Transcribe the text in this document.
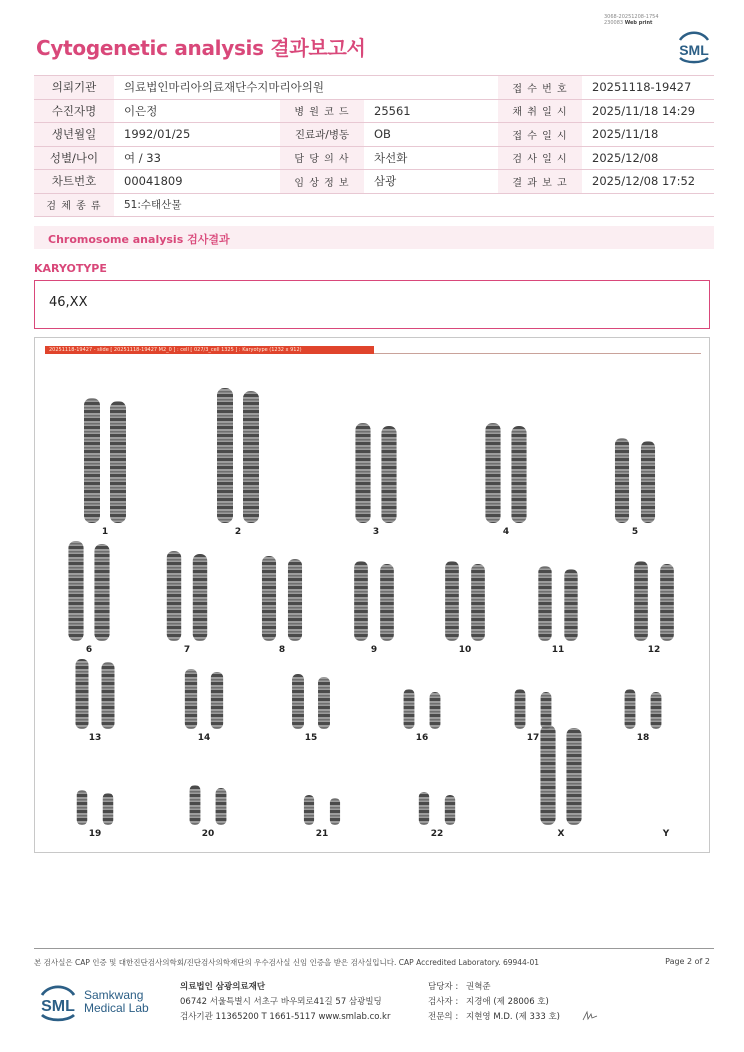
3068-20251208-1754
230083 Web print
Cytogenetic analysis 결과보고서	SML
의뢰기관	의료법인마리아의료재단수지마리아의원			접 수 번 호	20251118-19427
수진자명	이은정	병 원 코 드	25561	채 취 일 시	2025/11/18 14:29
생년월일	1992/01/25	진료과/병동	OB	접 수 일 시	2025/11/18
성별/나이	여 / 33	담 당 의 사	차선화	검 사 일 시	2025/12/08
차트번호	00041809	임 상 정 보	삼광	결 과 보 고	2025/12/08 17:52
검 체 종 류	51:수태산물				
Chromosome analysis 검사결과
KARYOTYPE
46,XX
20251118-19427 - slide [ 20251118-19427 M2_0 ] : cell [ 027/3_cell 1325 ] : Karyotype (1232 x 912)
1	2	3	4	5
6	7	8	9	10	11	12
13	14	15	16	17	18
19	20	21	22	X	Y
본 검사실은 CAP 인증 및 대한진단검사의학회/진단검사의학재단의 우수검사실 신임 인증을 받은 검사실입니다. CAP Accredited Laboratory. 69944-01	Page 2 of 2
SML
Samkwang
Medical Lab
의료법인 삼광의료재단
06742 서울특별시 서초구 바우뫼로41길 57 삼광빌딩
검사기관 11365200 T 1661-5117 www.smlab.co.kr
담당자 : 권혁준
검사자 : 지경애 (제 28006 호)
전문의 : 지현영 M.D. (제 333 호)
